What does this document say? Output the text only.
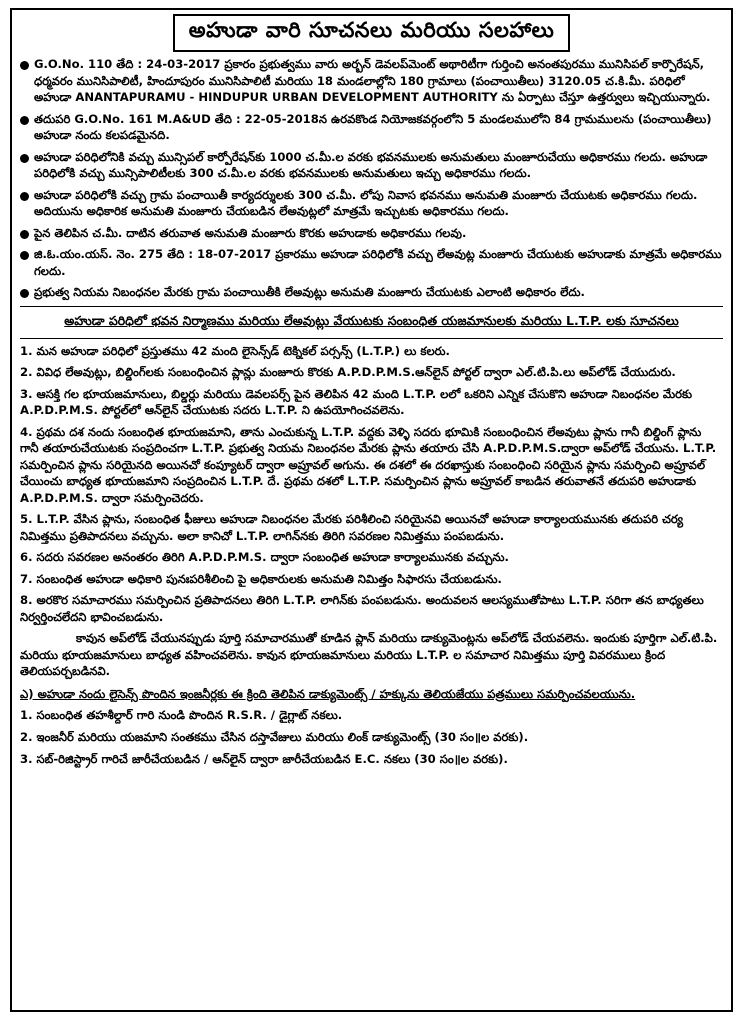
అహుడా వారి సూచనలు మరియు సలహాలు
G.O.No. 110 తేది : 24-03-2017 ప్రకారం ప్రభుత్వము వారు అర్బన్ డెవలప్‌మెంట్ అథారిటీగా గుర్తించి అనంతపురము మునిసిపల్ కార్పొరేషన్, ధర్మవరం మునిసిపాలిటీ, హిందూపురం మునిసిపాలిటీ మరియు 18 మండలాల్లోని 180 గ్రామాలు (పంచాయితీలు) 3120.05 చ.కి.మీ. పరిధిలో అహుడా ANANTAPURAMU - HINDUPUR URBAN DEVELOPMENT AUTHORITY ను ఏర్పాటు చేస్తూ ఉత్తర్వులు ఇచ్చియున్నారు.
తదుపరి G.O.No. 161 M.A&UD తేది : 22-05-2018న ఉరవకొండ నియోజకవర్గంలోని 5 మండలములోని 84 గ్రామములను (పంచాయితీలు) అహుడా నందు కలపడమైనది.
అహుడా పరిధిలోనికి వచ్చు మున్సిపల్ కార్పోరేషన్‌కు 1000 చ.మీ.ల వరకు భవనములకు అనుమతులు మంజూరుచేయు అధికారము గలదు. అహుడా పరిధిలోకి వచ్చు మున్సిపాలిటీలకు 300 చ.మీ.ల వరకు భవనములకు అనుమతులు ఇచ్చు అధికారము గలదు.
అహుడా పరిధిలోకి వచ్చు గ్రామ పంచాయితీ కార్యదర్శులకు 300 చ.మీ. లోపు నివాస భవనము అనుమతి మంజూరు చేయుటకు అధికారము గలదు. అదియును అధికారిక అనుమతి మంజూరు చేయబడిన లేఅవుట్లలో మాత్రమే ఇచ్చుటకు అధికారము గలదు.
పైన తెలిపిన చ.మీ. దాటిన తరువాత అనుమతి మంజూరు కొరకు అహుడాకు అధికారము గలవు.
జి.ఓ.యం.యస్. నెం. 275 తేది : 18-07-2017 ప్రకారము అహుడా పరిధిలోకి వచ్చు లేఅవుట్ల మంజూరు చేయుటకు అహుడాకు మాత్రమే అధికారము గలదు.
ప్రభుత్వ నియమ నిబంధనల మేరకు గ్రామ పంచాయితీకి లేఅవుట్లు అనుమతి మంజూరు చేయుటకు ఎలాంటి అధికారం లేదు.
అహుడా పరిధిలో భవన నిర్మాణము మరియు లేఅవుట్లు వేయుటకు సంబంధిత యజమానులకు మరియు L.T.P. లకు సూచనలు
1. మన అహుడా పరిధిలో ప్రస్తుతము 42 మంది లైసెన్స్‌డ్ టెక్నికల్ పర్సన్స్ (L.T.P.) లు కలరు.
2. వివిధ లేఅవుట్లు, బిల్డింగ్‌లకు సంబంధించిన ప్లాన్లు మంజూరు కొరకు A.P.D.P.M.S.ఆన్‌లైన్ పోర్టల్ ద్వారా ఎల్.టి.పి.లు అప్‌లోడ్ చేయుదురు.
3. ఆసక్తి గల భూయజమానులు, బిల్డర్లు మరియు డెవలపర్స్ పైన తెలిపిన 42 మంది L.T.P. లలో ఒకరిని ఎన్నిక చేసుకొని అహుడా నిబంధనల మేరకు A.P.D.P.M.S. పోర్టల్‌లో ఆన్‌లైన్ చేయుటకు సదరు L.T.P. ని ఉపయోగించవలెను.
4. ప్రథమ దశ నందు సంబంధిత భూయజమాని, తాను ఎంచుకున్న L.T.P. వద్దకు వెళ్ళి సదరు భూమికి సంబంధించిన లేఅవుటు ప్లాను గానీ బిల్డింగ్ ప్లాను గానీ తయారుచేయుటకు సంప్రదించగా L.T.P. ప్రభుత్వ నియమ నిబంధనల మేరకు ప్లాను తయారు చేసి A.P.D.P.M.S.ద్వారా అప్‌లోడ్ చేయును. L.T.P. సమర్పించిన ప్లాను సరియైనది అయినచో కంప్యూటర్ ద్వారా అప్రూవల్ అగును. ఈ దశలో ఈ దరఖాస్తుకు సంబంధించి సరియైన ప్లాను సమర్పించి అప్రూవల్ చేయించు బాధ్యత భూయజమాని సంప్రదించిన L.T.P. దే. ప్రథమ దశలో L.T.P. సమర్పించిన ప్లాను అప్రూవల్ కాబడిన తరువాతనే తదుపరి అహుడాకు A.P.D.P.M.S. ద్వారా సమర్పించెదరు.
5. L.T.P. వేసిన ప్లాను, సంబంధిత ఫీజులు అహుడా నిబంధనల మేరకు పరిశీలించి సరియైనవి అయినచో అహుడా కార్యాలయమునకు తదుపరి చర్య నిమిత్తము ప్రతిపాదనలు వచ్చును. అలా కానిచో L.T.P. లాగిన్‌నకు తిరిగి సవరణల నిమిత్తము పంపబడును.
6. సదరు సవరణల అనంతరం తిరిగి A.P.D.P.M.S. ద్వారా సంబంధిత అహుడా కార్యాలమునకు వచ్చును.
7. సంబంధిత అహుడా అధికారి పునఃపరిశీలించి పై అధికారులకు అనుమతి నిమిత్తం సిఫారసు చేయబడును.
8. అరకొర సమాచారము సమర్పించిన ప్రతిపాదనలు తిరిగి L.T.P. లాగిన్‌కు పంపబడును. అందువలన ఆలస్యముతోపాటు L.T.P. సరిగా తన బాధ్యతలు నిర్వర్తించలేదని భావించబడును.
కావున అప్‌లోడ్ చేయునప్పుడు పూర్తి సమాచారముతో కూడిన ప్లాన్ మరియు డాక్యుమెంట్లను అప్‌లోడ్ చేయవలెను. ఇందుకు పూర్తిగా ఎల్.టి.పి. మరియు భూయజమానులు బాధ్యత వహించవలెను. కావున భూయజమానులు మరియు L.T.P. ల సమాచార నిమిత్తము పూర్తి వివరములు క్రింద తెలియపర్చబడినవి.
ఎ) అహుడా నందు లైసెన్స్ పొందిన ఇంజనీర్లకు ఈ క్రింది తెలిపిన డాక్యుమెంట్స్ / హక్కును తెలియజేయు పత్రములు సమర్పించవలయును.
1. సంబంధిత తహశీల్దార్ గారి నుండి పొందిన R.S.R. / డైగ్లాట్ నకలు.
2. ఇంజనీర్ మరియు యజమాని సంతకము చేసిన దస్తావేజులు మరియు లింక్ డాక్యుమెంట్స్ (30 సం॥ల వరకు).
3. సబ్-రిజిస్ట్రార్ గారిచే జారీచేయబడిన / ఆన్‌లైన్ ద్వారా జారీచేయబడిన E.C. నకలు (30 సం॥ల వరకు).
